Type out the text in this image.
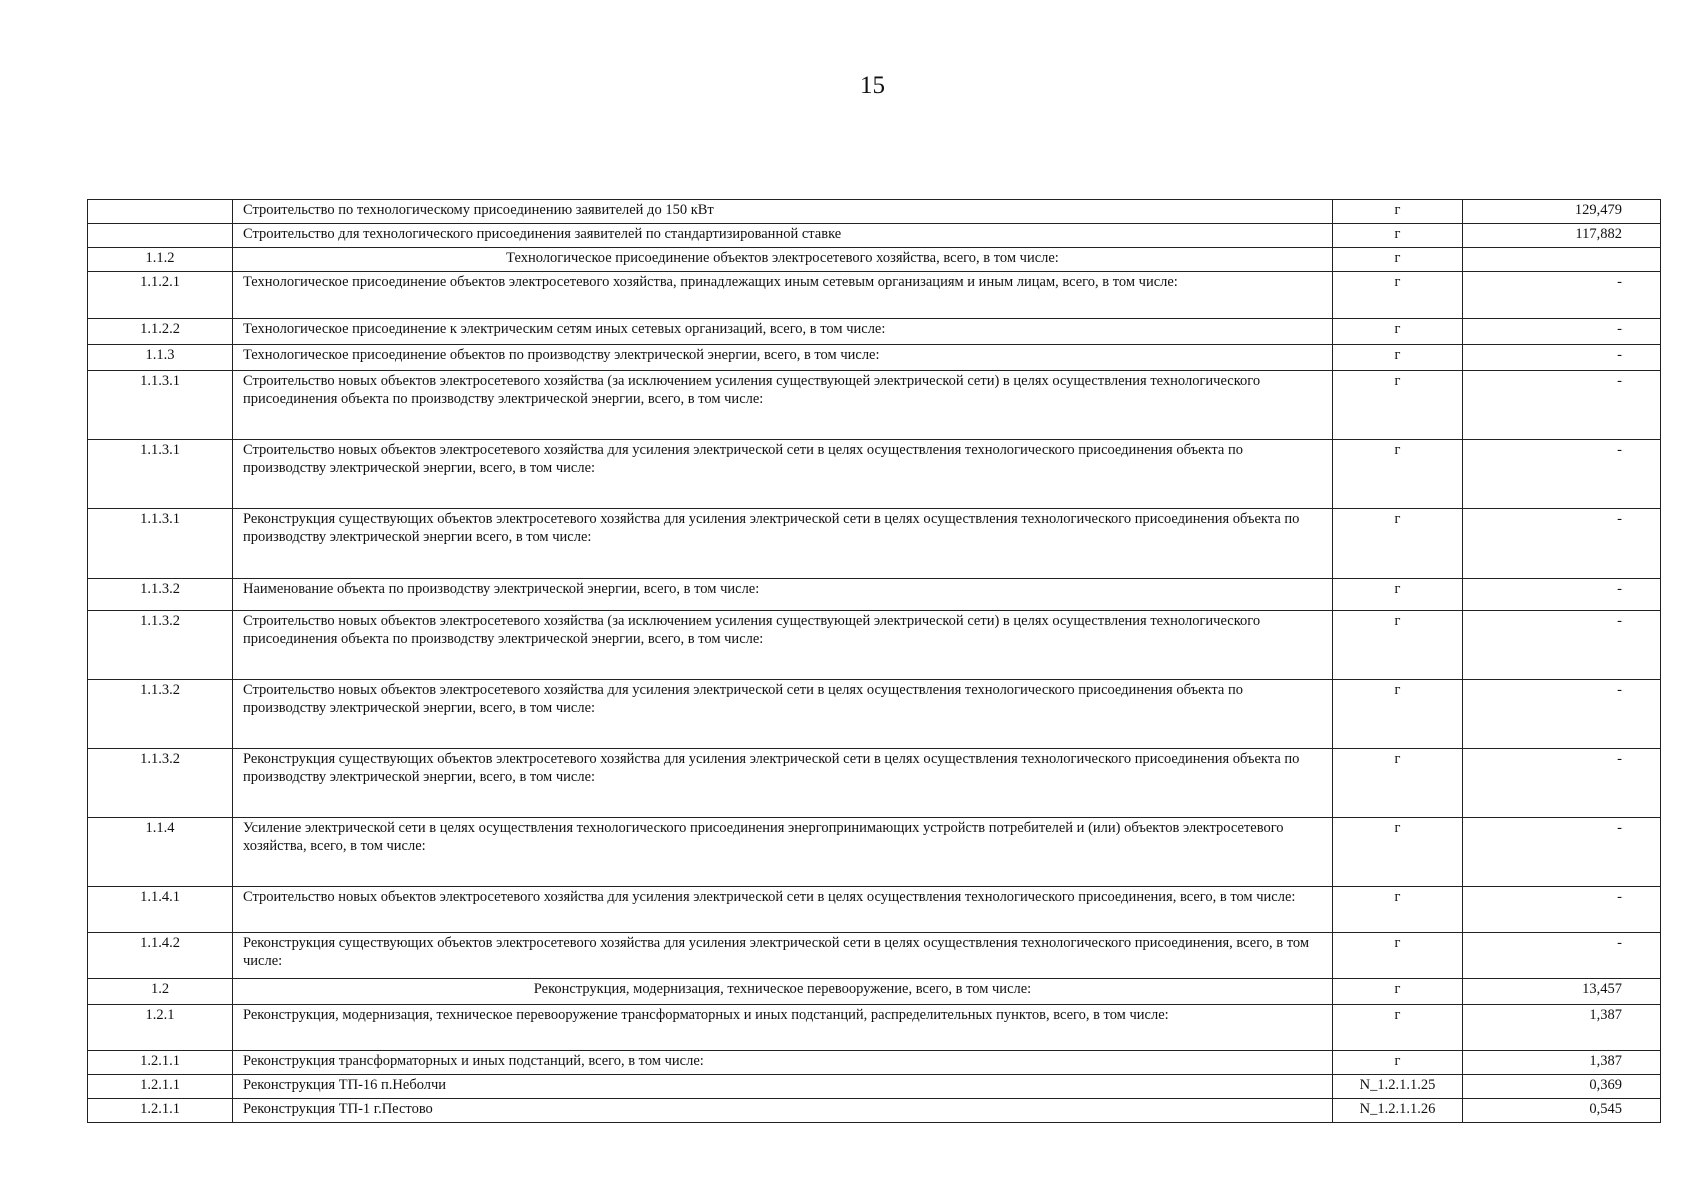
15
	Строительство по технологическому присоединению заявителей до 150 кВт	г	129,479
	Строительство для технологического присоединения заявителей по стандартизированной ставке	г	117,882
1.1.2	Технологическое присоединение объектов электросетевого хозяйства, всего, в том числе:	г	
1.1.2.1	Технологическое присоединение объектов электросетевого хозяйства, принадлежащих иным сетевым организациям и иным лицам, всего, в том числе:	г	-
1.1.2.2	Технологическое присоединение к электрическим сетям иных сетевых организаций, всего, в том числе:	г	-
1.1.3	Технологическое присоединение объектов по производству электрической энергии, всего, в том числе:	г	-
1.1.3.1	Строительство новых объектов электросетевого хозяйства (за исключением усиления существующей электрической сети) в целях осуществления технологического присоединения объекта по производству электрической энергии, всего, в том числе:	г	-
1.1.3.1	Строительство новых объектов электросетевого хозяйства для усиления электрической сети в целях осуществления технологического присоединения объекта по производству электрической энергии, всего, в том числе:	г	-
1.1.3.1	Реконструкция существующих объектов электросетевого хозяйства для усиления электрической сети в целях осуществления технологического присоединения объекта по производству электрической энергии всего, в том числе:	г	-
1.1.3.2	Наименование объекта по производству электрической энергии, всего, в том числе:	г	-
1.1.3.2	Строительство новых объектов электросетевого хозяйства (за исключением усиления существующей электрической сети) в целях осуществления технологического присоединения объекта по производству электрической энергии, всего, в том числе:	г	-
1.1.3.2	Строительство новых объектов электросетевого хозяйства для усиления электрической сети в целях осуществления технологического присоединения объекта по производству электрической энергии, всего, в том числе:	г	-
1.1.3.2	Реконструкция существующих объектов электросетевого хозяйства для усиления электрической сети в целях осуществления технологического присоединения объекта по производству электрической энергии, всего, в том числе:	г	-
1.1.4	Усиление электрической сети в целях осуществления технологического присоединения энергопринимающих устройств потребителей и (или) объектов электросетевого хозяйства, всего, в том числе:	г	-
1.1.4.1	Строительство новых объектов электросетевого хозяйства для усиления электрической сети в целях осуществления технологического присоединения, всего, в том числе:	г	-
1.1.4.2	Реконструкция существующих объектов электросетевого хозяйства для усиления электрической сети в целях осуществления технологического присоединения, всего, в том числе:	г	-
1.2	Реконструкция, модернизация, техническое перевооружение, всего, в том числе:	г	13,457
1.2.1	Реконструкция, модернизация, техническое перевооружение трансформаторных и иных подстанций, распределительных пунктов, всего, в том числе:	г	1,387
1.2.1.1	Реконструкция трансформаторных и иных подстанций, всего, в том числе:	г	1,387
1.2.1.1	Реконструкция ТП-16 п.Неболчи	N_1.2.1.1.25	0,369
1.2.1.1	Реконструкция ТП-1 г.Пестово	N_1.2.1.1.26	0,545
